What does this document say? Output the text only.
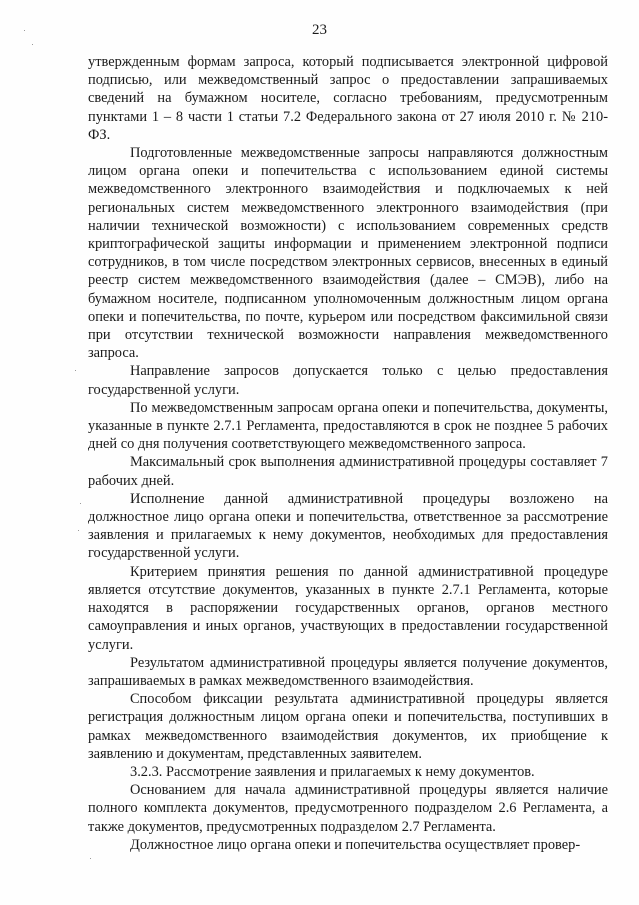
23

утвержденным формам запроса, который подписывается электронной цифровой подписью, или межведомственный запрос о предоставлении запрашиваемых сведений на бумажном носителе, согласно требованиям, предусмотренным пунктами 1 – 8 части 1 статьи 7.2 Федерального закона от 27 июля 2010 г. № 210-ФЗ.

Подготовленные межведомственные запросы направляются должностным лицом органа опеки и попечительства с использованием единой системы межведомственного электронного взаимодействия и подключаемых к ней региональных систем межведомственного электронного взаимодействия (при наличии технической возможности) с использованием современных средств криптографической защиты информации и применением электронной подписи сотрудников, в том числе посредством электронных сервисов, внесенных в единый реестр систем межведомственного взаимодействия (далее – СМЭВ), либо на бумажном носителе, подписанном уполномоченным должностным лицом органа опеки и попечительства, по почте, курьером или посредством факсимильной связи при отсутствии технической возможности направления межведомственного запроса.

Направление запросов допускается только с целью предоставления государственной услуги.

По межведомственным запросам органа опеки и попечительства, документы, указанные в пункте 2.7.1 Регламента, предоставляются в срок не позднее 5 рабочих дней со дня получения соответствующего межведомственного запроса.

Максимальный срок выполнения административной процедуры составляет 7 рабочих дней.

Исполнение данной административной процедуры возложено на должностное лицо органа опеки и попечительства, ответственное за рассмотрение заявления и прилагаемых к нему документов, необходимых для предоставления государственной услуги.

Критерием принятия решения по данной административной процедуре является отсутствие документов, указанных в пункте 2.7.1 Регламента, которые находятся в распоряжении государственных органов, органов местного самоуправления и иных органов, участвующих в предоставлении государственной услуги.

Результатом административной процедуры является получение документов, запрашиваемых в рамках межведомственного взаимодействия.

Способом фиксации результата административной процедуры является регистрация должностным лицом органа опеки и попечительства, поступивших в рамках межведомственного взаимодействия документов, их приобщение к заявлению и документам, представленных заявителем.

3.2.3. Рассмотрение заявления и прилагаемых к нему документов.

Основанием для начала административной процедуры является наличие полного комплекта документов, предусмотренного подразделом 2.6 Регламента, а также документов, предусмотренных подразделом 2.7 Регламента.

Должностное лицо органа опеки и попечительства осуществляет провер-
